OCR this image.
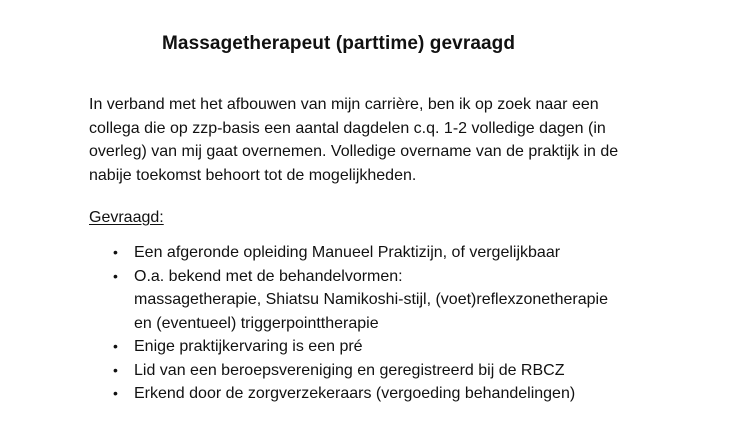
Massagetherapeut (parttime) gevraagd

In verband met het afbouwen van mijn carrière, ben ik op zoek naar een

collega die op zzp-basis een aantal dagdelen c.q. 1-2 volledige dagen (in

overleg) van mij gaat overnemen. Volledige overname van de praktijk in de

nabije toekomst behoort tot de mogelijkheden.

Gevraagd:
• Een afgeronde opleiding Manueel Praktizijn, of vergelijkbaar
• O.a. bekend met de behandelvormen:
massagetherapie, Shiatsu Namikoshi-stijl, (voet)reflexzonetherapie
en (eventueel) triggerpointtherapie
• Enige praktijkervaring is een pré
• Lid van een beroepsvereniging en geregistreerd bij de RBCZ
• Erkend door de zorgverzekeraars (vergoeding behandelingen)
